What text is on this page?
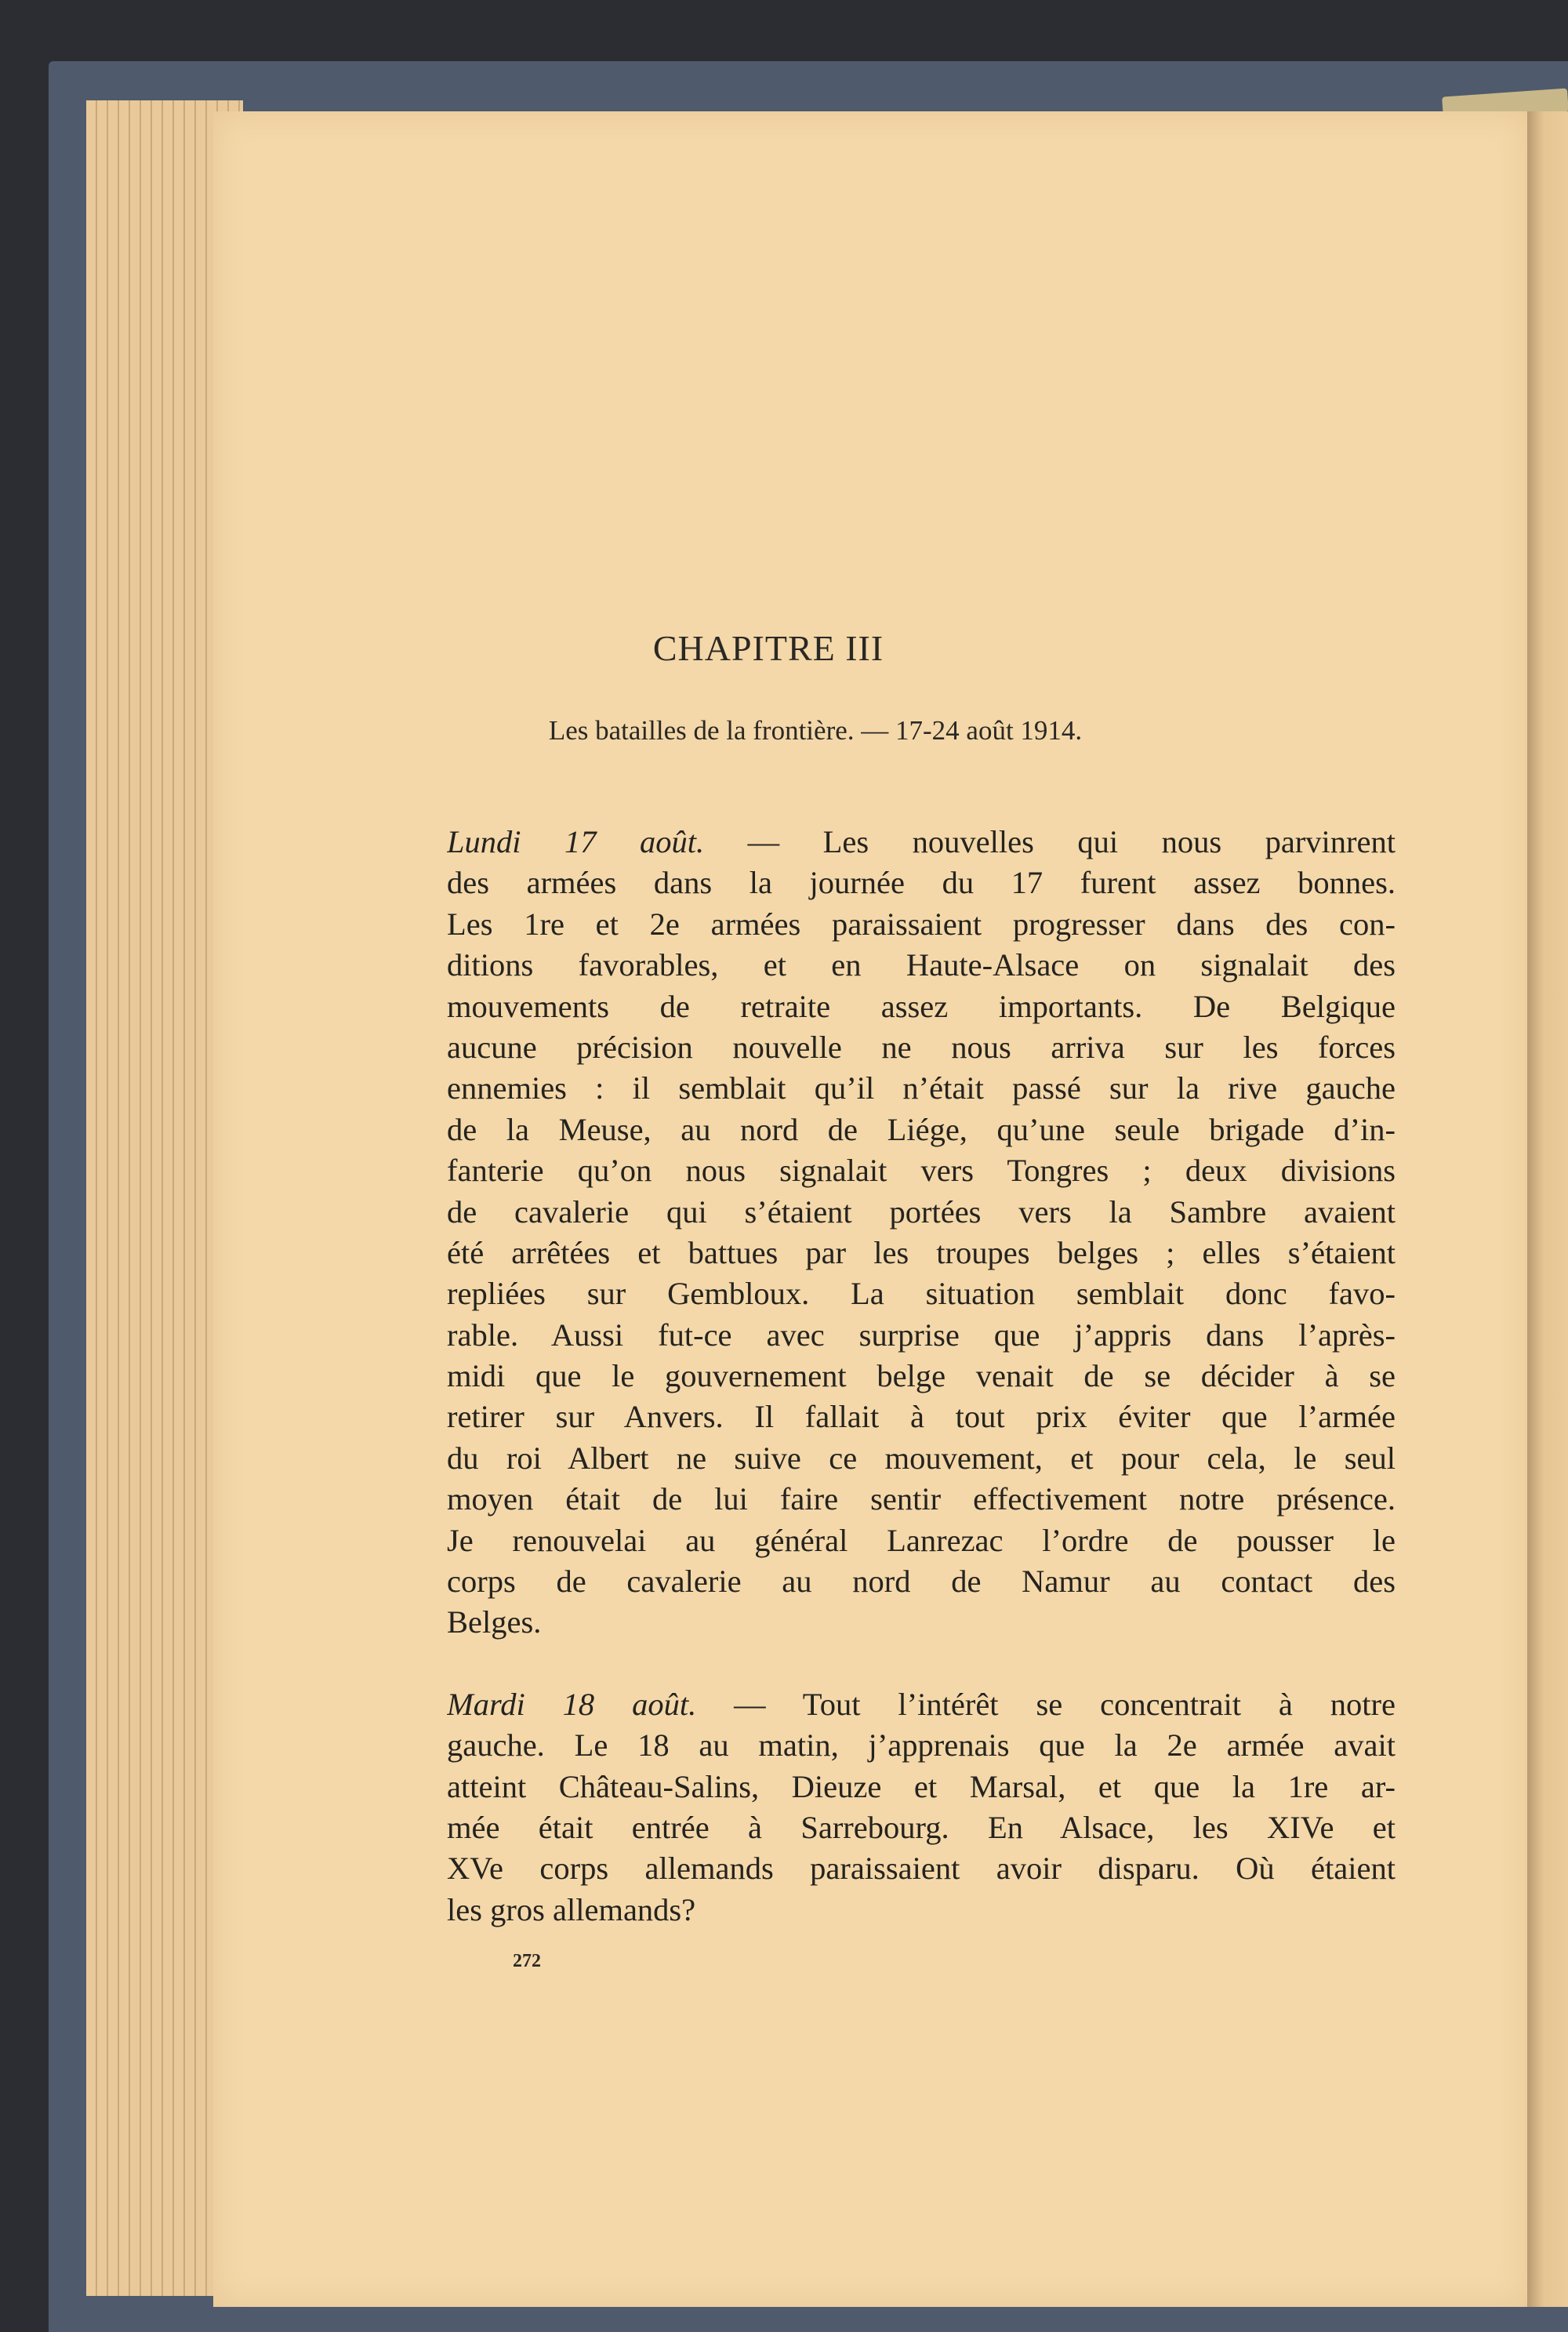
CHAPITRE III
Les batailles de la frontière. — 17-24 août 1914.
Lundi 17 août. — Les nouvelles qui nous parvinrent
des armées dans la journée du 17 furent assez bonnes.
Les 1re et 2e armées paraissaient progresser dans des con-
ditions favorables, et en Haute-Alsace on signalait des
mouvements de retraite assez importants. De Belgique
aucune précision nouvelle ne nous arriva sur les forces
ennemies : il semblait qu’il n’était passé sur la rive gauche
de la Meuse, au nord de Liége, qu’une seule brigade d’in-
fanterie qu’on nous signalait vers Tongres ; deux divisions
de cavalerie qui s’étaient portées vers la Sambre avaient
été arrêtées et battues par les troupes belges ; elles s’étaient
repliées sur Gembloux. La situation semblait donc favo-
rable. Aussi fut-ce avec surprise que j’appris dans l’après-
midi que le gouvernement belge venait de se décider à se
retirer sur Anvers. Il fallait à tout prix éviter que l’armée
du roi Albert ne suive ce mouvement, et pour cela, le seul
moyen était de lui faire sentir effectivement notre présence.
Je renouvelai au général Lanrezac l’ordre de pousser le
corps de cavalerie au nord de Namur au contact des
Belges.
Mardi 18 août. — Tout l’intérêt se concentrait à notre
gauche. Le 18 au matin, j’apprenais que la 2e armée avait
atteint Château-Salins, Dieuze et Marsal, et que la 1re ar-
mée était entrée à Sarrebourg. En Alsace, les XIVe et
XVe corps allemands paraissaient avoir disparu. Où étaient
les gros allemands?
272
